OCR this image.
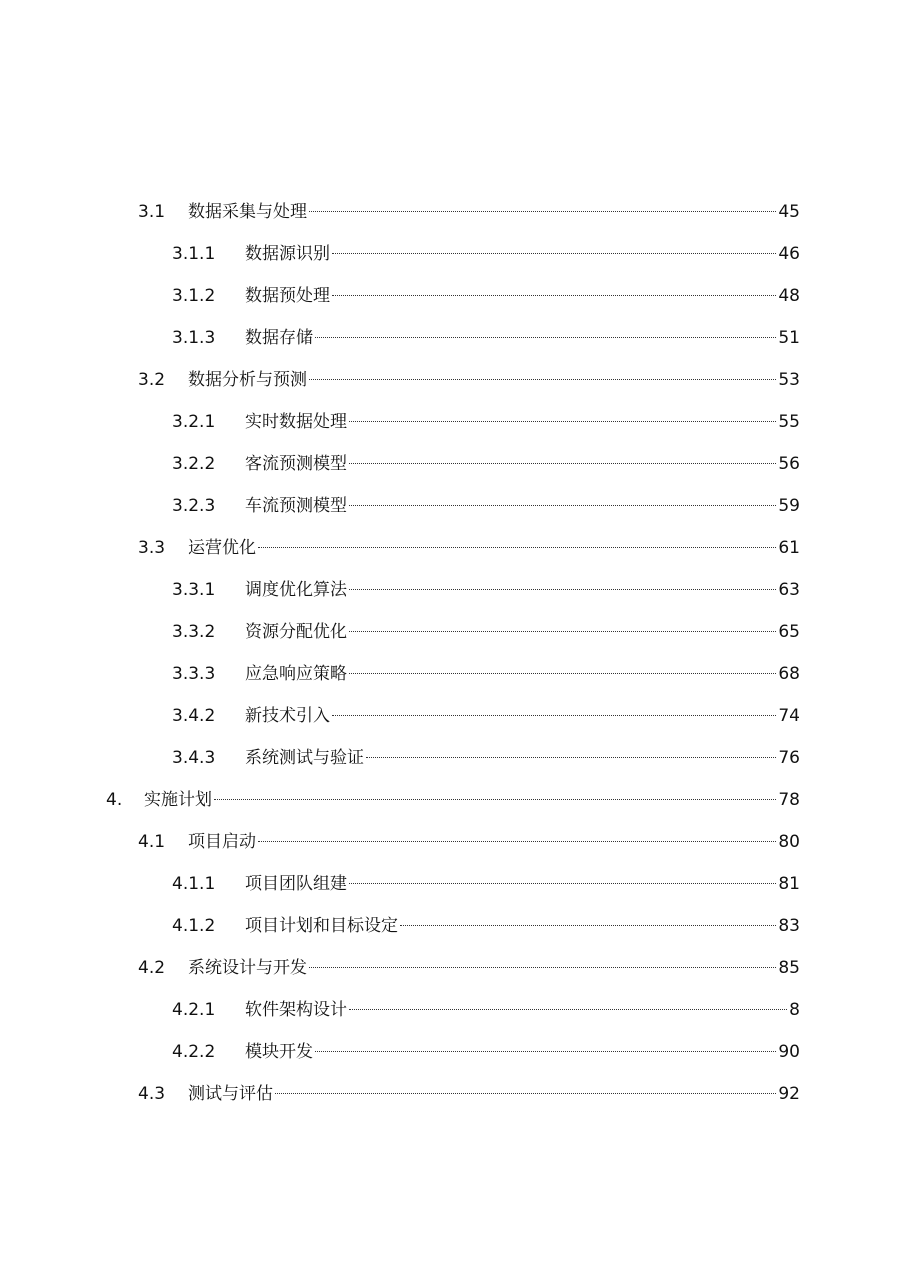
3.1	数据采集与处理	45
3.1.1	数据源识别	46
3.1.2	数据预处理	48
3.1.3	数据存储	51
3.2	数据分析与预测	53
3.2.1	实时数据处理	55
3.2.2	客流预测模型	56
3.2.3	车流预测模型	59
3.3	运营优化	61
3.3.1	调度优化算法	63
3.3.2	资源分配优化	65
3.3.3	应急响应策略	68
3.4.2	新技术引入	74
3.4.3	系统测试与验证	76
4.	实施计划	78
4.1	项目启动	80
4.1.1	项目团队组建	81
4.1.2	项目计划和目标设定	83
4.2	系统设计与开发	85
4.2.1	软件架构设计	8
4.2.2	模块开发	90
4.3	测试与评估	92
